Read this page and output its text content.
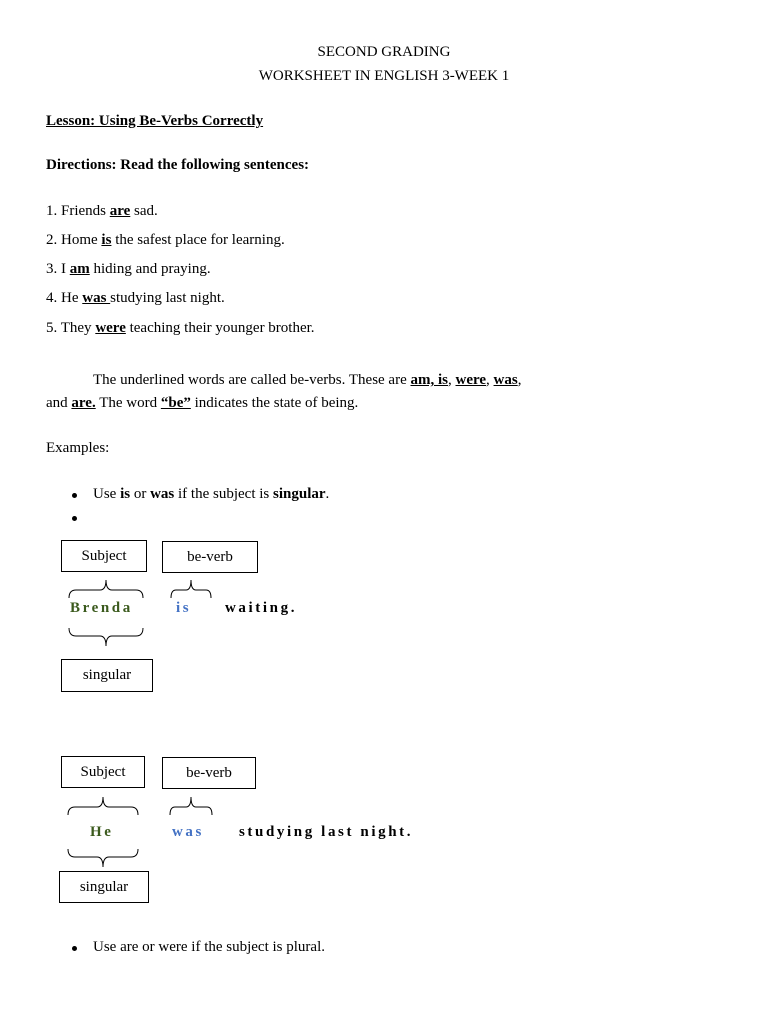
SECOND GRADING
WORKSHEET IN ENGLISH 3-WEEK 1
Lesson: Using Be-Verbs Correctly
Directions: Read the following sentences:
1. Friends are sad.
2. Home is the safest place for learning.
3. I am hiding and praying.
4. He was studying last night.
5. They were teaching their younger brother.
The underlined words are called be-verbs. These are am, is, were, was,
and are. The word “be” indicates the state of being.
Examples:
Use is or was if the subject is singular.
Subject	be-verb
Brenda	is waiting.
singular
Subject	be-verb
He	was studying last night.
singular
Use are or were if the subject is plural.
